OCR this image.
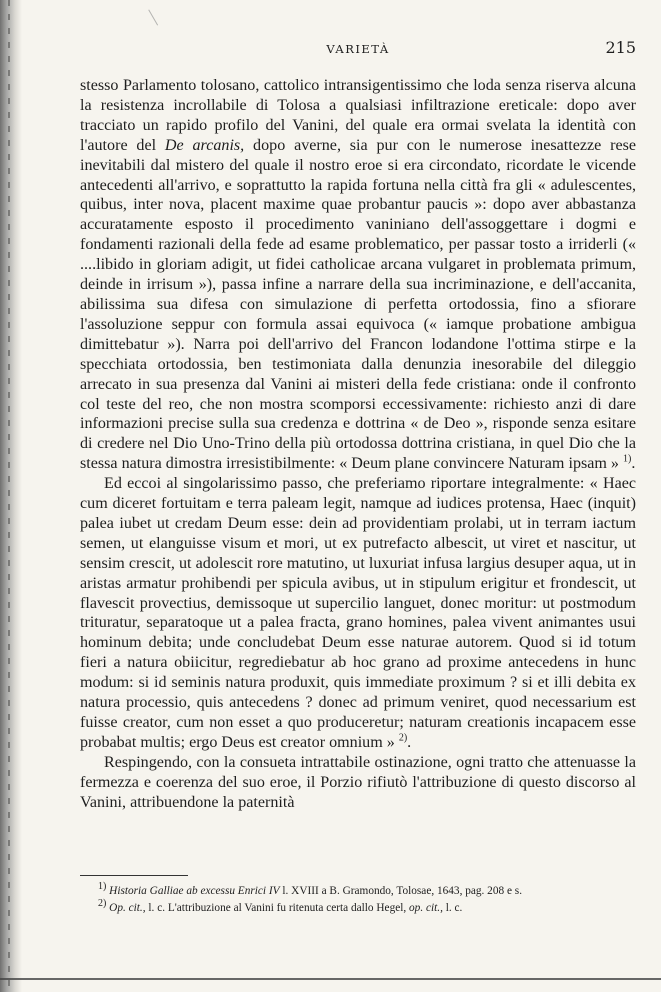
VARIETÀ	215

stesso Parlamento tolosano, cattolico intransigentissimo che loda senza riserva alcuna la resistenza incrollabile di Tolosa a qualsiasi infiltrazione ereticale: dopo aver tracciato un rapido profilo del Vanini, del quale era ormai svelata la identità con l'autore del De arcanis, dopo averne, sia pur con le numerose inesattezze rese inevitabili dal mistero del quale il nostro eroe si era circondato, ricordate le vicende antecedenti all'arrivo, e soprattutto la rapida fortuna nella città fra gli « adulescentes, quibus, inter nova, placent maxime quae probantur paucis »: dopo aver abbastanza accuratamente esposto il procedimento vaniniano dell'assoggettare i dogmi e fondamenti razionali della fede ad esame problematico, per passar tosto a irriderli (« ....libido in gloriam adigit, ut fidei catholicae arcana vulgaret in problemata primum, deinde in irrisum »), passa infine a narrare della sua incriminazione, e dell'accanita, abilissima sua difesa con simulazione di perfetta ortodossia, fino a sfiorare l'assoluzione seppur con formula assai equivoca (« iamque probatione ambigua dimittebatur »). Narra poi dell'arrivo del Francon lodandone l'ottima stirpe e la specchiata ortodossia, ben testimoniata dalla denunzia inesorabile del dileggio arrecato in sua presenza dal Vanini ai misteri della fede cristiana: onde il confronto col teste del reo, che non mostra scomporsi eccessivamente: richiesto anzi di dare informazioni precise sulla sua credenza e dottrina « de Deo », risponde senza esitare di credere nel Dio Uno-Trino della più ortodossa dottrina cristiana, in quel Dio che la stessa natura dimostra irresistibilmente: « Deum plane convincere Naturam ipsam » $^{1)}$.

Ed eccoi al singolarissimo passo, che preferiamo riportare integralmente: « Haec cum diceret fortuitam e terra paleam legit, namque ad iudices protensa, Haec (inquit) palea iubet ut credam Deum esse: dein ad providentiam prolabi, ut in terram iactum semen, ut elanguisse visum et mori, ut ex putrefacto albescit, ut viret et nascitur, ut sensim crescit, ut adolescit rore matutino, ut luxuriat infusa largius desuper aqua, ut in aristas armatur prohibendi per spicula avibus, ut in stipulum erigitur et frondescit, ut flavescit provectius, demissoque ut supercilio languet, donec moritur: ut postmodum trituratur, separatoque ut a palea fracta, grano homines, palea vivent animantes usui hominum debita; unde concludebat Deum esse naturae autorem. Quod si id totum fieri a natura obiicitur, regrediebatur ab hoc grano ad proxime antecedens in hunc modum: si id seminis natura produxit, quis immediate proximum ? si et illi debita ex natura processio, quis antecedens ? donec ad primum veniret, quod necessarium est fuisse creator, cum non esset a quo produceretur; naturam creationis incapacem esse probabat multis; ergo Deus est creator omnium » $^{2)}$.

Respingendo, con la consueta intrattabile ostinazione, ogni tratto che attenuasse la fermezza e coerenza del suo eroe, il Porzio rifiutò l'attribuzione di questo discorso al Vanini, attribuendone la paternità

$^{1)}$ Historia Galliae ab excessu Enrici IV l. XVIII a B. Gramondo, Tolosae, 1643, pag. 208 e s.

$^{2)}$ Op. cit., l. c. L'attribuzione al Vanini fu ritenuta certa dallo Hegel, op. cit., l. c.
